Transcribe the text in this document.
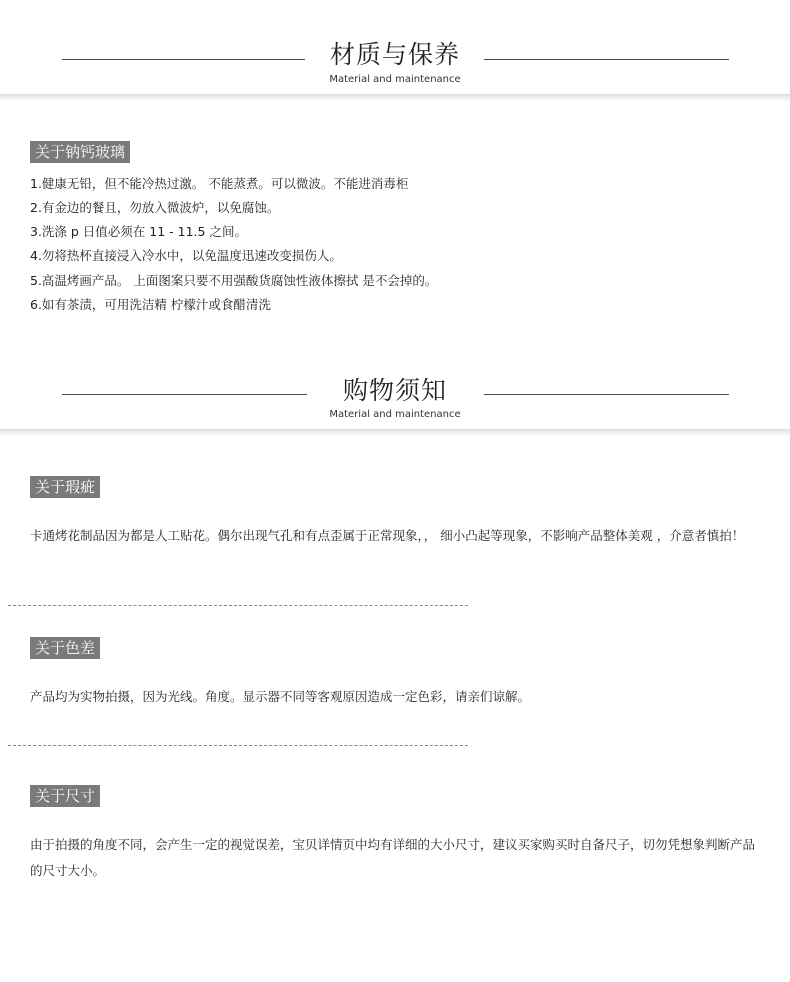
材质与保养
Material and maintenance
关于钠钙玻璃
1.健康无铅，但不能冷热过激。 不能蒸煮。可以微波。不能进消毒柜
2.有金边的餐且，勿放入微波炉，以免腐蚀。
3.洗涤 p 日值必须在 11 - 11.5 之间。
4.勿将热杯直接浸入冷水中，以免温度迅速改变损伤人。
5.高温烤画产品。 上面图案只要不用强酸货腐蚀性液体擦拭 是不会掉的。
6.如有茶渍，可用洗洁精 柠檬汁或食醋清洗
购物须知
Material and maintenance
关于瑕疵
卡通烤花制品因为都是人工贴花。偶尔出现气孔和有点歪属于正常现象，， 细小凸起等现象，不影响产品整体美观 ，介意者慎拍！
关于色差
产品均为实物拍摄，因为光线。角度。显示器不同等客观原因造成一定色彩，请亲们谅解。
关于尺寸
由于拍摄的角度不同，会产生一定的视觉误差，宝贝详情页中均有详细的大小尺寸，建议买家购买时自备尺子，切勿凭想象判断产品的尺寸大小。
